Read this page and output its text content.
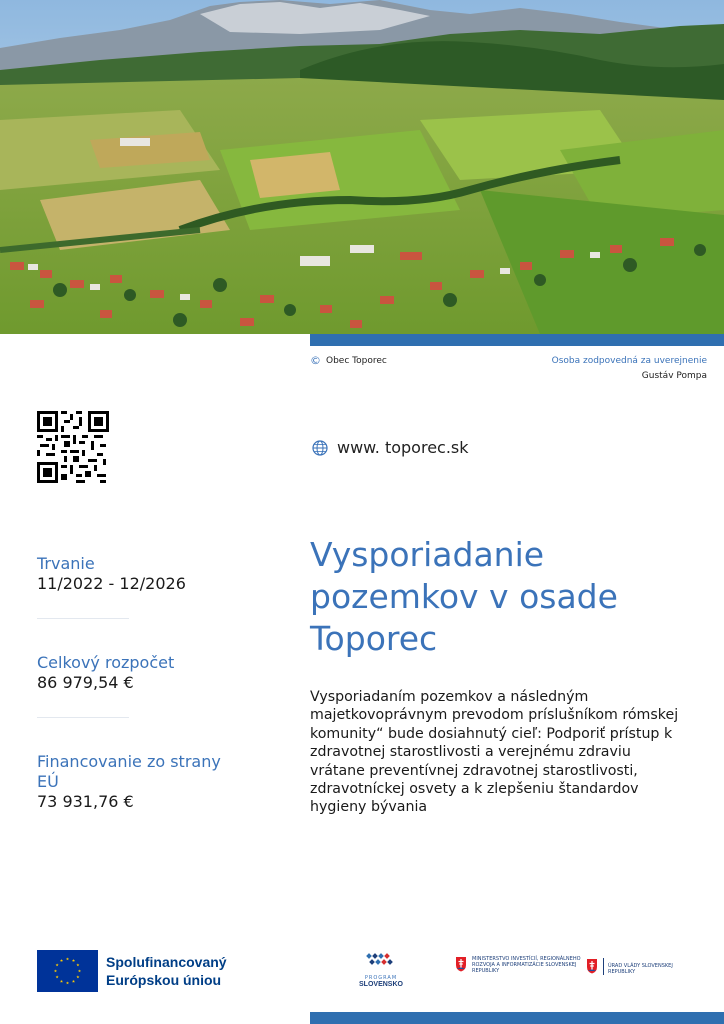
© Obec Toporec	Osoba zodpovedná za uverejnenie
Gustáv Pompa
www. toporec.sk
Trvanie
11/2022 - 12/2026
Celkový rozpočet
86 979,54 €
Financovanie zo strany EÚ
73 931,76 €
Vysporiadanie pozemkov v osade Toporec

Vysporiadaním pozemkov a následným majetkovoprávnym prevodom príslušníkom rómskej komunity“ bude dosiahnutý cieľ: Podporiť prístup k zdravotnej starostlivosti a verejnému zdraviu vrátane preventívnej zdravotnej starostlivosti, zdravotníckej osvety a k zlepšeniu štandardov hygieny bývania

Spolufinancovaný
Európskou úniou	PROGRAM
SLOVENSKO
MINISTERSTVO INVESTÍCIÍ, REGIONÁLNEHO ROZVOJA A INFORMATIZÁCIE SLOVENSKEJ REPUBLIKY
ÚRAD VLÁDY SLOVENSKEJ REPUBLIKY
